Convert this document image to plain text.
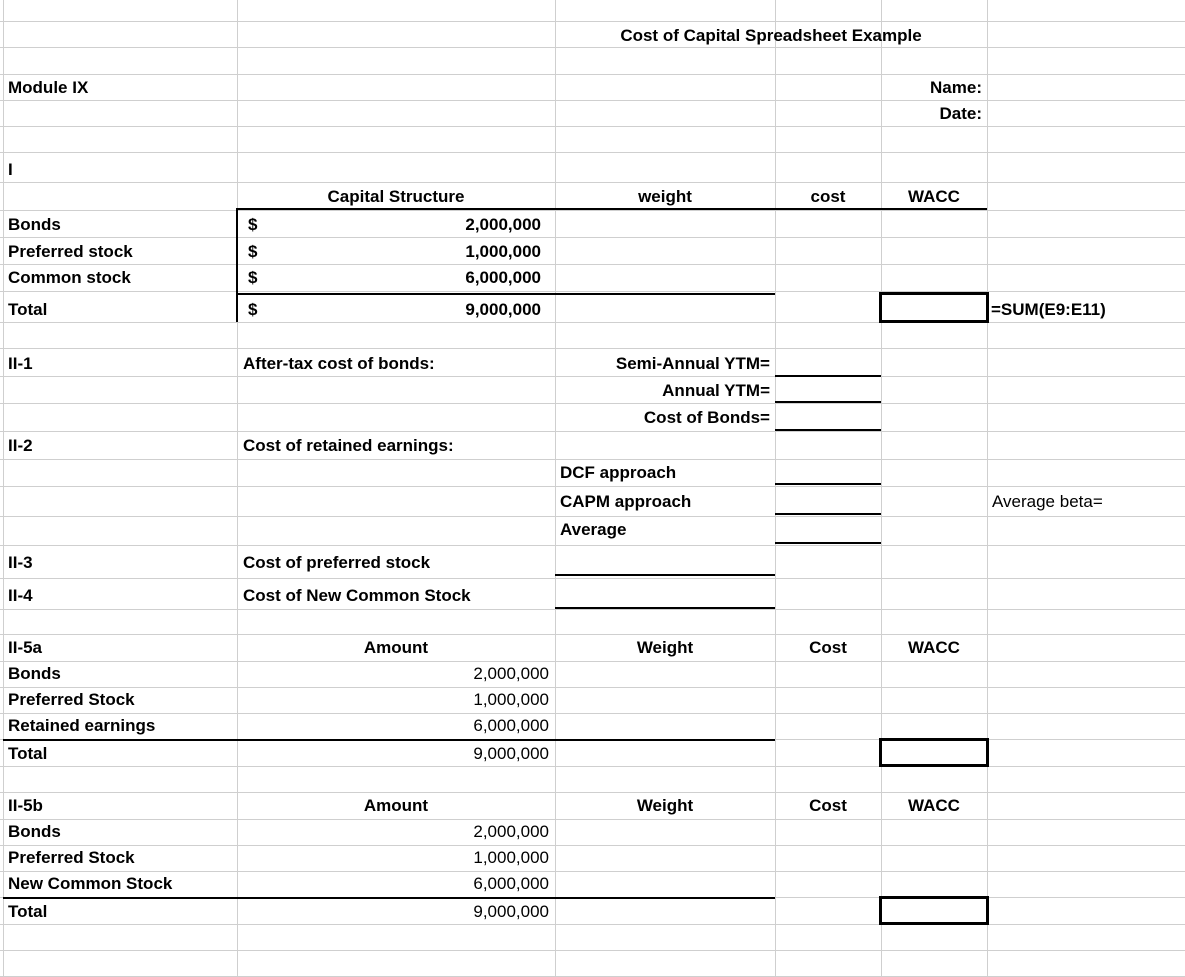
Cost of Capital Spreadsheet Example
Module IX	Name:
Date:
I
Capital Structure	weight	cost	WACC
Bonds	$	2,000,000
Preferred stock	$	1,000,000
Common stock	$	6,000,000
Total	$	9,000,000	=SUM(E9:E11)
II-1	After-tax cost of bonds:	Semi-Annual YTM=
Annual YTM=
Cost of Bonds=
II-2	Cost of retained earnings:
DCF approach
CAPM approach	Average beta=
Average
II-3	Cost of preferred stock
II-4	Cost of New Common Stock
II-5a	Amount	Weight	Cost	WACC
Bonds	2,000,000
Preferred Stock	1,000,000
Retained earnings	6,000,000
Total	9,000,000
II-5b	Amount	Weight	Cost	WACC
Bonds	2,000,000
Preferred Stock	1,000,000
New Common Stock	6,000,000
Total	9,000,000
